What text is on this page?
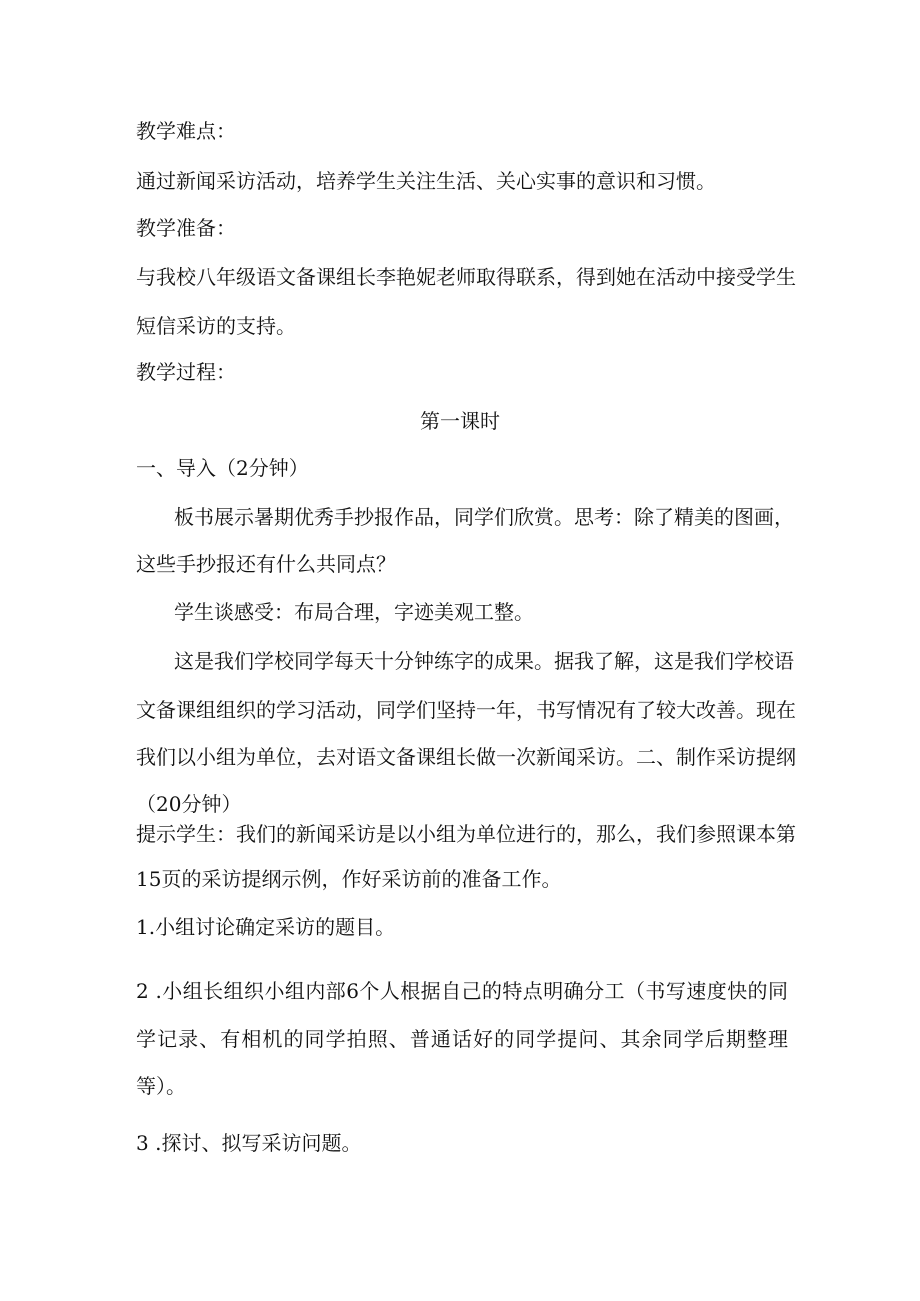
教学难点：
通过新闻采访活动，培养学生关注生活、关心实事的意识和习惯。
教学准备：
与我校八年级语文备课组长李艳妮老师取得联系，得到她在活动中接受学生
短信采访的支持。
教学过程：
第一课时
一、导入（2分钟）
板书展示暑期优秀手抄报作品，同学们欣赏。思考：除了精美的图画，
这些手抄报还有什么共同点？
学生谈感受：布局合理，字迹美观工整。
这是我们学校同学每天十分钟练字的成果。据我了解，这是我们学校语
文备课组组织的学习活动，同学们坚持一年，书写情况有了较大改善。现在
我们以小组为单位，去对语文备课组长做一次新闻采访。二、制作采访提纲
（20分钟）
提示学生：我们的新闻采访是以小组为单位进行的，那么，我们参照课本第
15页的采访提纲示例，作好采访前的准备工作。
1.小组讨论确定采访的题目。
2 .小组长组织小组内部6个人根据自己的特点明确分工（书写速度快的同
学记录、有相机的同学拍照、普通话好的同学提问、其余同学后期整理
等）。
3 .探讨、拟写采访问题。
